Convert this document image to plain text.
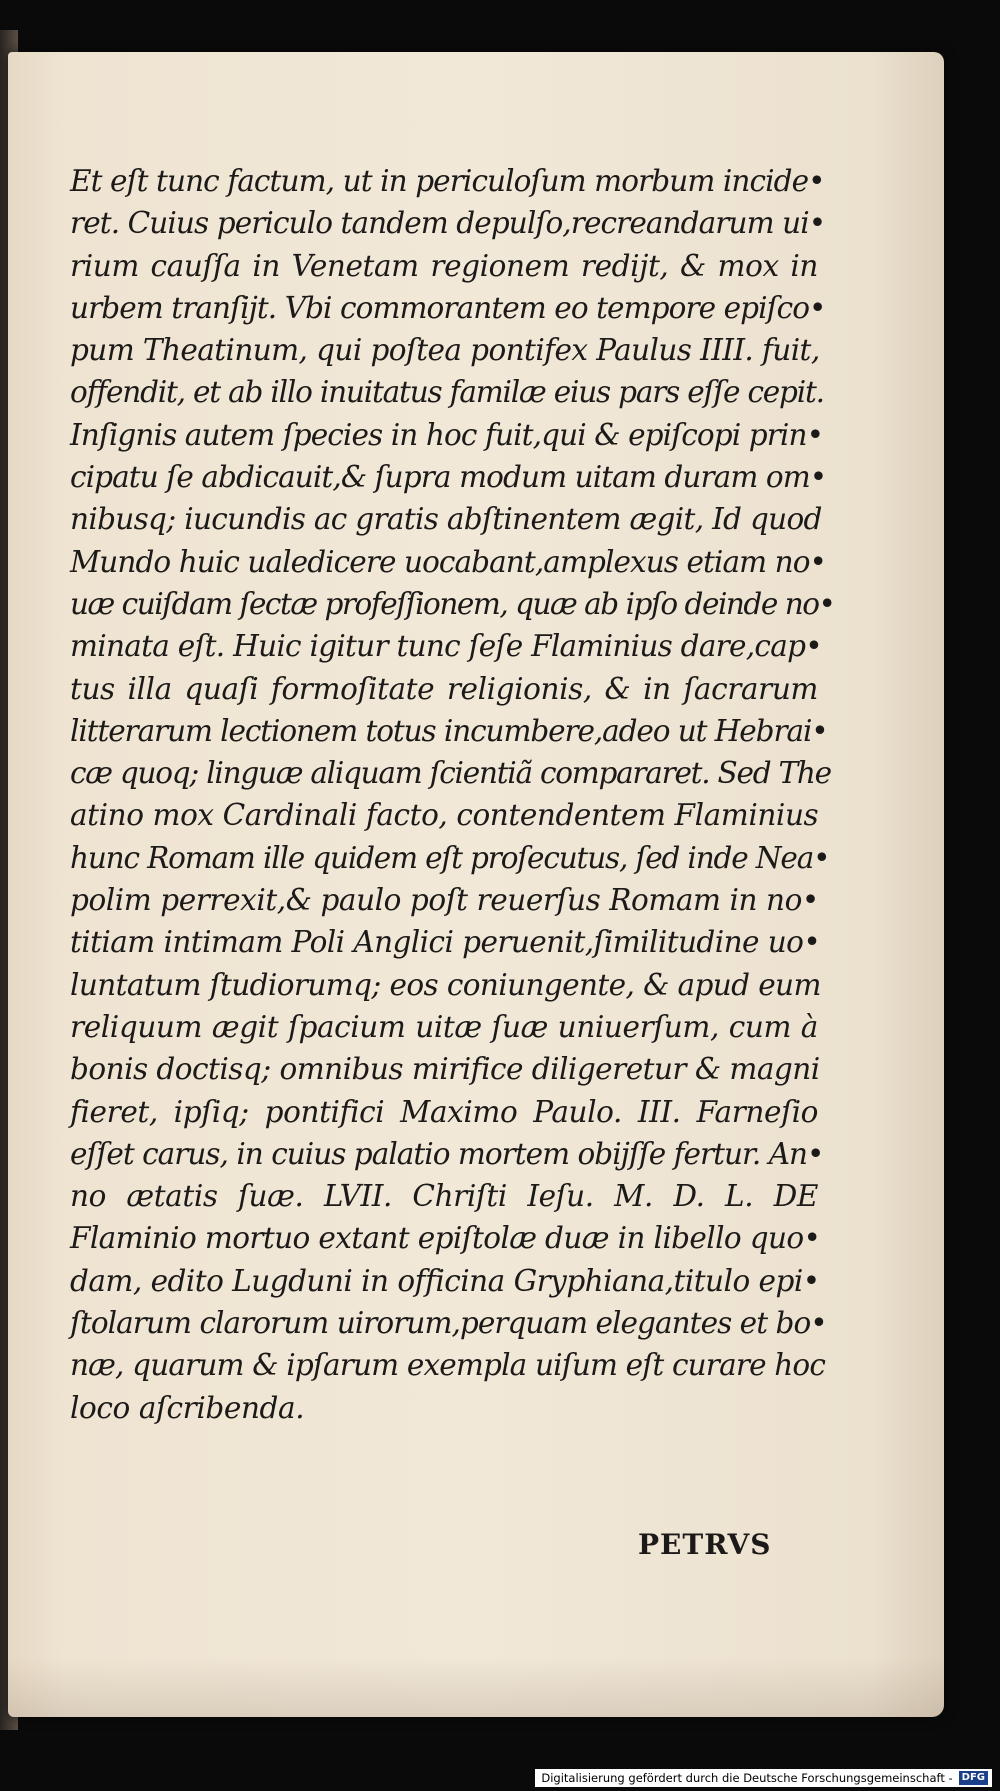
Et eſt tunc factum, ut in periculoſum morbum incide•
ret. Cuius periculo tandem depulſo,recreandarum ui•
rium cauſſa in Venetam regionem rediјt, & mox in
urbem tranſijt. Vbi commorantem eo tempore epiſco•
pum Theatinum, qui poſtea pontifex Paulus IIII. fuit,
offendit, et ab illo inuitatus familæ eius pars eſſe cepit.
Inſignis autem ſpecies in hoc fuit,qui & epiſcopi prin•
cipatu ſe abdicauit,& ſupra modum uitam duram om•
nibusq; iucundis ac gratis abſtinentem ægit, Id quod
Mundo huic ualedicere uocabant,amplexus etiam no•
uæ cuiſdam ſectæ profeſſionem, quæ ab ipſo deinde no•
minata eſt. Huic igitur tunc ſeſe Flaminius dare,cap•
tus illa quaſi formoſitate religionis, & in ſacrarum
litterarum lectionem totus incumbere,adeo ut Hebrai•
cæ quoq; linguæ aliquam ſcientiã compararet. Sed The
atino mox Cardinali facto, contendentem Flaminius
hunc Romam ille quidem eſt proſecutus, ſed inde Nea•
polim perrexit,& paulo poſt reuerſus Romam in no•
titiam intimam Poli Anglici peruenit,ſimilitudine uo•
luntatum ſtudiorumq; eos coniungente, & apud eum
reliquum ægit ſpacium uitæ ſuæ uniuerſum, cum à
bonis doctisq; omnibus mirifice diligeretur & magni
fieret, ipſiq; pontifici Maximo Paulo. III. Farneſio
eſſet carus, in cuius palatio mortem obijſſe fertur. An•
no ætatis ſuæ. LVII. Chriſti Ieſu. M. D. L. DE
Flaminio mortuo extant epiſtolæ duæ in libello quo•
dam, edito Lugduni in officina Gryphiana,titulo epi•
ſtolarum clarorum uirorum,perquam elegantes et bo•
næ, quarum & ipſarum exempla uiſum eſt curare hoc
loco aſcribenda.
PETRVS
Digitalisierung gefördert durch die Deutsche Forschungsgemeinschaft - DFG
